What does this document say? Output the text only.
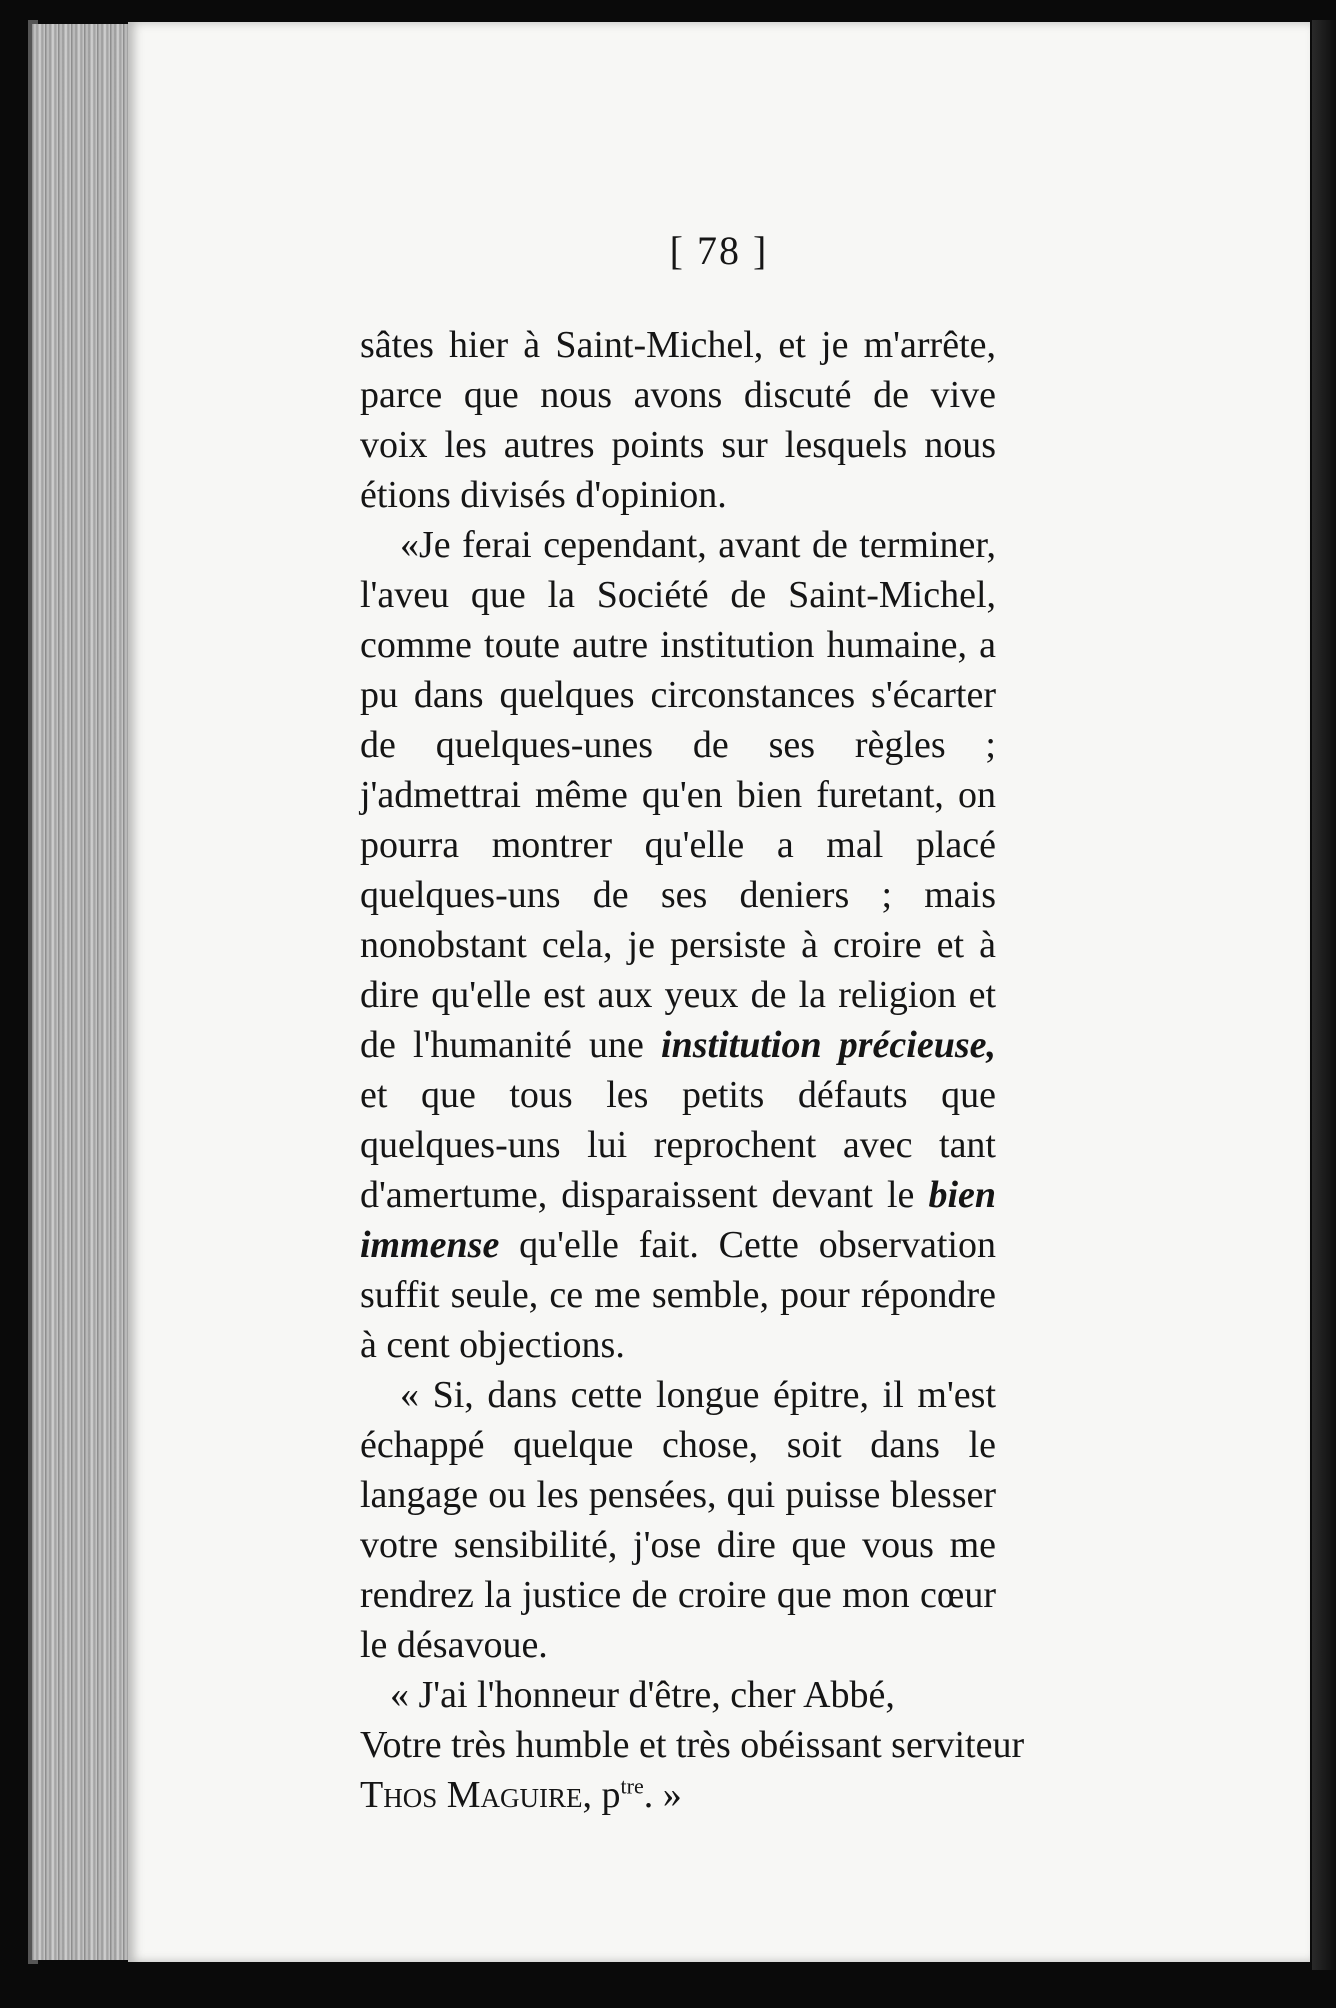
[ 78 ]

sâtes hier à Saint-Michel, et je m'arrête, parce que nous avons discuté de vive voix les autres points sur lesquels nous étions divisés d'opinion.

«Je ferai cependant, avant de terminer, l'aveu que la Société de Saint-Michel, comme toute autre institution humaine, a pu dans quelques circonstances s'écarter de quelques-unes de ses règles ; j'admettrai même qu'en bien furetant, on pourra montrer qu'elle a mal placé quelques-uns de ses deniers ; mais nonobstant cela, je persiste à croire et à dire qu'elle est aux yeux de la religion et de l'humanité une institution précieuse, et que tous les petits défauts que quelques-uns lui reprochent avec tant d'amertume, disparaissent devant le bien immense qu'elle fait. Cette observation suffit seule, ce me semble, pour répondre à cent objections.

« Si, dans cette longue épitre, il m'est échappé quelque chose, soit dans le langage ou les pensées, qui puisse blesser votre sensibilité, j'ose dire que vous me rendrez la justice de croire que mon cœur le désavoue.

« J'ai l'honneur d'être, cher Abbé,

Votre très humble et très obéissant serviteur

Thos Maguire, $p^{tre}$. »
